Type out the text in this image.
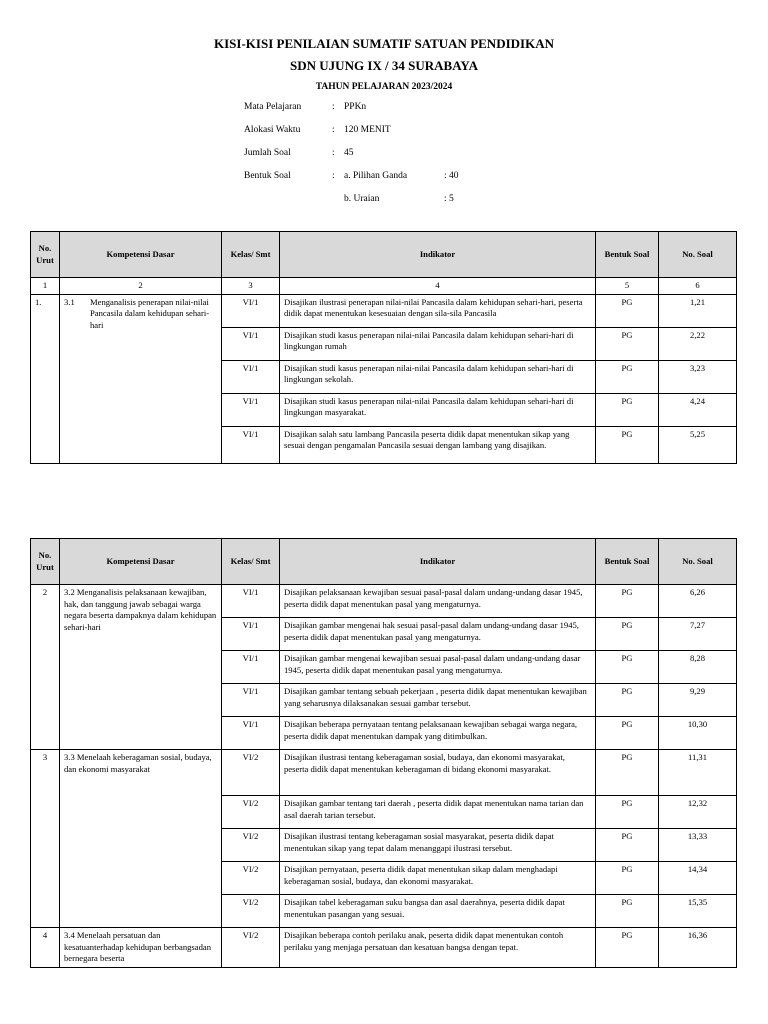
KISI-KISI PENILAIAN SUMATIF SATUAN PENDIDIKAN
SDN UJUNG IX / 34 SURABAYA
TAHUN PELAJARAN 2023/2024
Mata Pelajaran	: PPKn
Alokasi Waktu	: 120 MENIT
Jumlah Soal	: 45
Bentuk Soal	: a. Pilihan Ganda	: 40
b. Uraian	: 5
No. Urut	Kompetensi Dasar	Kelas/ Smt	Indikator	Bentuk Soal	No. Soal
1	2	3	4	5	6
1.	3.1 Menganalisis penerapan nilai-nilai Pancasila dalam kehidupan sehari-hari	VI/1	Disajikan ilustrasi penerapan nilai-nilai Pancasila dalam kehidupan sehari-hari, peserta didik dapat menentukan kesesuaian dengan sila-sila Pancasila	PG	1,21
		VI/1	Disajikan studi kasus penerapan nilai-nilai Pancasila dalam kehidupan sehari-hari di lingkungan rumah	PG	2,22
		VI/1	Disajikan studi kasus penerapan nilai-nilai Pancasila dalam kehidupan sehari-hari di lingkungan sekolah.	PG	3,23
		VI/1	Disajikan studi kasus penerapan nilai-nilai Pancasila dalam kehidupan sehari-hari di lingkungan masyarakat.	PG	4,24
		VI/1	Disajikan salah satu lambang Pancasila peserta didik dapat menentukan sikap yang sesuai dengan pengamalan Pancasila sesuai dengan lambang yang disajikan.	PG	5,25
No. Urut	Kompetensi Dasar	Kelas/ Smt	Indikator	Bentuk Soal	No. Soal
2	3.2 Menganalisis pelaksanaan kewajiban, hak, dan tanggung jawab sebagai warga negara beserta dampaknya dalam kehidupan sehari-hari	VI/1	Disajikan pelaksanaan kewajiban sesuai pasal-pasal dalam undang-undang dasar 1945, peserta didik dapat menentukan pasal yang mengaturnya.	PG	6,26
		VI/1	Disajikan gambar mengenai hak sesuai pasal-pasal dalam undang-undang dasar 1945, peserta didik dapat menentukan pasal yang mengaturnya.	PG	7,27
		VI/1	Disajikan gambar mengenai kewajiban sesuai pasal-pasal dalam undang-undang dasar 1945, peserta didik dapat menentukan pasal yang mengaturnya.	PG	8,28
		VI/1	Disajikan gambar tentang sebuah pekerjaan , peserta didik dapat menentukan kewajiban yang seharusnya dilaksanakan sesuai gambar tersebut.	PG	9,29
		VI/1	Disajikan beberapa pernyataan tentang pelaksanaan kewajiban sebagai warga negara, peserta didik dapat menentukan dampak yang ditimbulkan.	PG	10,30
3	3.3 Menelaah keberagaman sosial, budaya, dan ekonomi masyarakat	VI/2	Disajikan ilustrasi tentang keberagaman sosial, budaya, dan ekonomi masyarakat, peserta didik dapat menentukan keberagaman di bidang ekonomi masyarakat.	PG	11,31
		VI/2	Disajikan gambar tentang tari daerah , peserta didik dapat menentukan nama tarian dan asal daerah tarian tersebut.	PG	12,32
		VI/2	Disajikan ilustrasi tentang keberagaman sosial masyarakat, peserta didik dapat menentukan sikap yang tepat dalam menanggapi ilustrasi tersebut.	PG	13,33
		VI/2	Disajikan pernyataan, peserta didik dapat menentukan sikap dalam menghadapi keberagaman sosial, budaya, dan ekonomi masyarakat.	PG	14,34
		VI/2	Disajikan tabel keberagaman suku bangsa dan asal daerahnya, peserta didik dapat menentukan pasangan yang sesuai.	PG	15,35
4	3.4 Menelaah persatuan dan kesatuanterhadap kehidupan berbangsadan bernegara beserta	VI/2	Disajikan beberapa contoh perilaku anak, peserta didik dapat menentukan contoh perilaku yang menjaga persatuan dan kesatuan bangsa dengan tepat.	PG	16,36
